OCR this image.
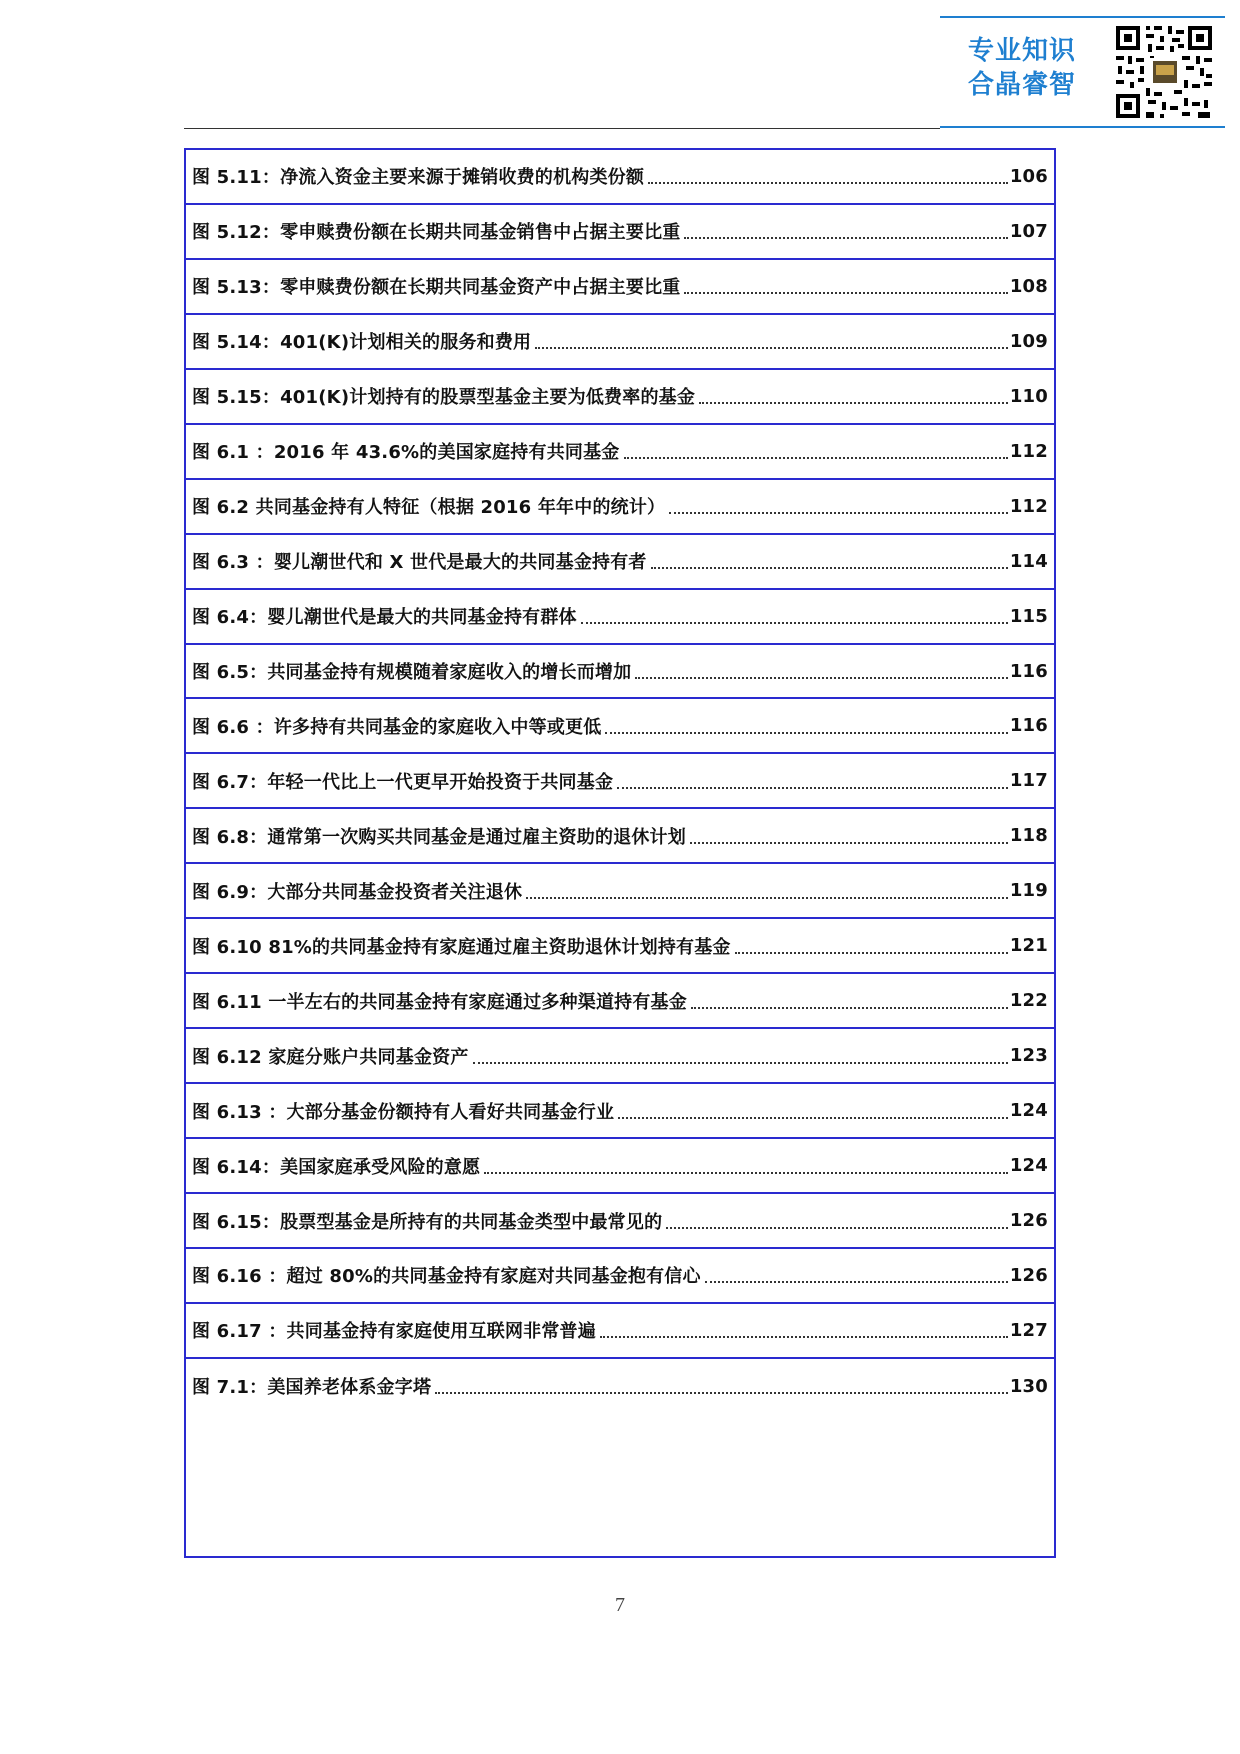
专业知识
合晶睿智
图 5.11：净流入资金主要来源于摊销收费的机构类份额	106
图 5.12：零申赎费份额在长期共同基金销售中占据主要比重	107
图 5.13：零申赎费份额在长期共同基金资产中占据主要比重	108
图 5.14：401(K)计划相关的服务和费用	109
图 5.15：401(K)计划持有的股票型基金主要为低费率的基金	110
图 6.1 ：2016 年 43.6%的美国家庭持有共同基金	112
图 6.2 共同基金持有人特征（根据 2016 年年中的统计）	112
图 6.3 ：婴儿潮世代和 X 世代是最大的共同基金持有者	114
图 6.4：婴儿潮世代是最大的共同基金持有群体	115
图 6.5：共同基金持有规模随着家庭收入的增长而增加	116
图 6.6 ：许多持有共同基金的家庭收入中等或更低	116
图 6.7：年轻一代比上一代更早开始投资于共同基金	117
图 6.8：通常第一次购买共同基金是通过雇主资助的退休计划	118
图 6.9：大部分共同基金投资者关注退休	119
图 6.10 81%的共同基金持有家庭通过雇主资助退休计划持有基金	121
图 6.11 一半左右的共同基金持有家庭通过多种渠道持有基金	122
图 6.12 家庭分账户共同基金资产	123
图 6.13 ：大部分基金份额持有人看好共同基金行业	124
图 6.14：美国家庭承受风险的意愿	124
图 6.15：股票型基金是所持有的共同基金类型中最常见的	126
图 6.16 ：超过 80%的共同基金持有家庭对共同基金抱有信心	126
图 6.17 ：共同基金持有家庭使用互联网非常普遍	127
图 7.1：美国养老体系金字塔	130
7
